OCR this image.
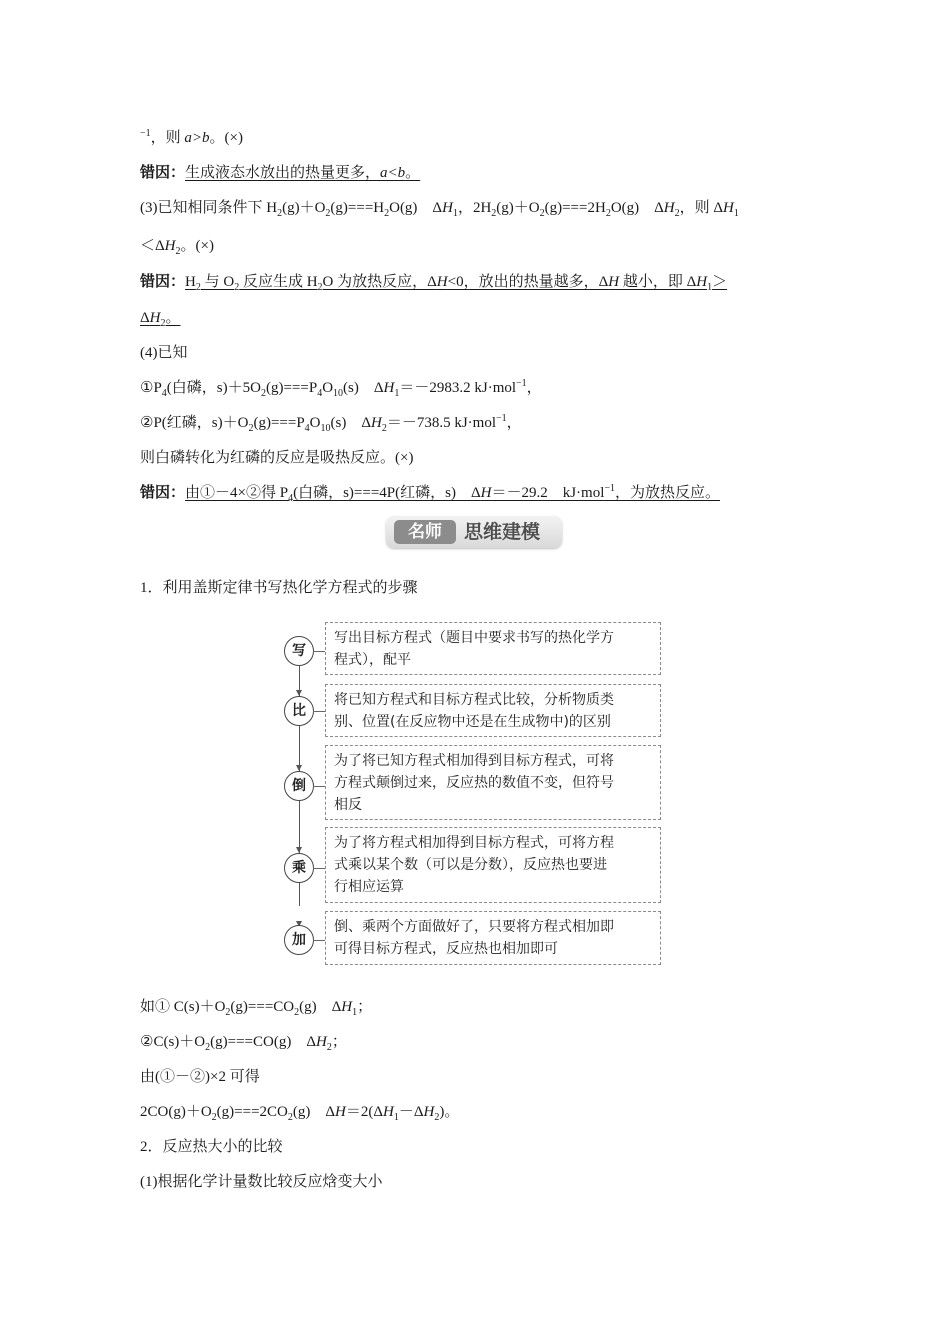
$^{-1}$，则 a>b。(×)
错因：生成液态水放出的热量更多，a<b。
(3)已知相同条件下 $H_2(g)+O_2(g)===H_2O(g)$　$\Delta H_1$，$2H_2(g)+O_2(g)===2H_2O(g)$　$\Delta H_2$，则 $\Delta H_1$
$<\Delta H_2$。(×)
错因：$H_2$ 与 $O_2$ 反应生成 $H_2O$ 为放热反应，ΔH<0，放出的热量越多，ΔH 越小，即 $\Delta H_1>$
$\Delta H_2$。
(4)已知
$①P_4$(白磷，$s)+5O_2(g)===P_4O_{10}(s)$　$\Delta H_1=-2983.2$ kJ·mol$^{-1}$，
②P(红磷，$s)+O_2(g)===P_4O_{10}(s)$　$\Delta H_2=-738.5$ kJ·mol$^{-1}$，
则白磷转化为红磷的反应是吸热反应。(×)
错因：由①－4×②得 $P_4$(白磷，s)===4P(红磷，s)　ΔH＝－29.2　kJ·mol$^{-1}$，为放热反应。
名师	思维建模
1．利用盖斯定律书写热化学方程式的步骤
写
写出目标方程式（题目中要求书写的热化学方
程式），配平
比
将已知方程式和目标方程式比较，分析物质类
别、位置(在反应物中还是在生成物中)的区别
倒
为了将已知方程式相加得到目标方程式，可将
方程式颠倒过来，反应热的数值不变，但符号
相反
乘
为了将方程式相加得到目标方程式，可将方程
式乘以某个数（可以是分数），反应热也要进
行相应运算
加
倒、乘两个方面做好了，只要将方程式相加即
可得目标方程式，反应热也相加即可
如① $C(s)+O_2(g)===CO_2(g)$　$\Delta H_1$；
$②C(s)+O_2(g)===CO(g)$　$\Delta H_2$；
由(①－②)×2 可得
$2CO(g)+O_2(g)===2CO_2(g)$　$\Delta H=2(\Delta H_1-\Delta H_2)$。
2．反应热大小的比较
(1)根据化学计量数比较反应焓变大小
